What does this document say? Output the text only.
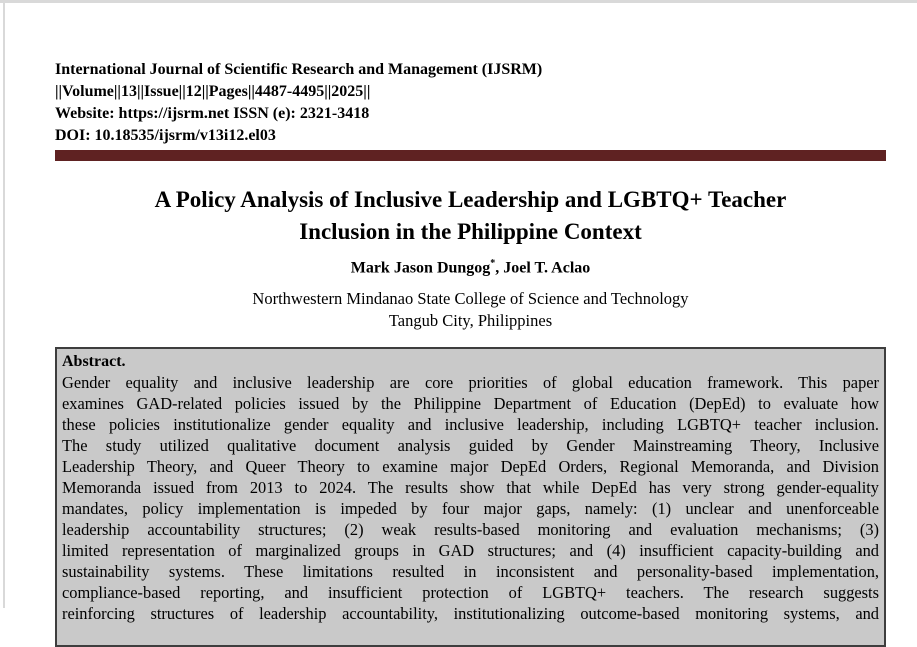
International Journal of Scientific Research and Management (IJSRM)
||Volume||13||Issue||12||Pages||4487-4495||2025||
Website: https://ijsrm.net ISSN (e): 2321-3418
DOI: 10.18535/ijsrm/v13i12.el03
A Policy Analysis of Inclusive Leadership and LGBTQ+ Teacher
Inclusion in the Philippine Context
Mark Jason Dungog*, Joel T. Aclao
Northwestern Mindanao State College of Science and Technology
Tangub City, Philippines
Abstract.
Gender equality and inclusive leadership are core priorities of global education framework. This paper
examines GAD-related policies issued by the Philippine Department of Education (DepEd) to evaluate how
these policies institutionalize gender equality and inclusive leadership, including LGBTQ+ teacher inclusion.
The study utilized qualitative document analysis guided by Gender Mainstreaming Theory, Inclusive
Leadership Theory, and Queer Theory to examine major DepEd Orders, Regional Memoranda, and Division
Memoranda issued from 2013 to 2024. The results show that while DepEd has very strong gender-equality
mandates, policy implementation is impeded by four major gaps, namely: (1) unclear and unenforceable
leadership accountability structures; (2) weak results-based monitoring and evaluation mechanisms; (3)
limited representation of marginalized groups in GAD structures; and (4) insufficient capacity-building and
sustainability systems. These limitations resulted in inconsistent and personality-based implementation,
compliance-based reporting, and insufficient protection of LGBTQ+ teachers. The research suggests
reinforcing structures of leadership accountability, institutionalizing outcome-based monitoring systems, and
